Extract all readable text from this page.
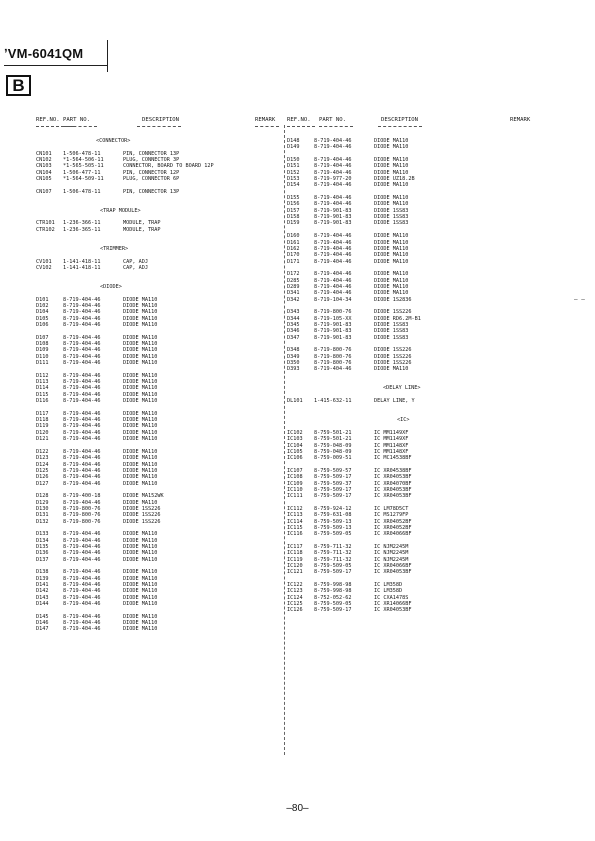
ʼVM-6041QM
B
REF.NO. PART NO.	DESCRIPTION	REMARK REF.NO. PART NO.	DESCRIPTION	REMARK
<CONNECTOR>
CN101 1-506-478-11	PIN, CONNECTOR 13P
CN102 *1-564-506-11	PLUG, CONNECTOR 3P
CN103 *1-565-505-11	CONNECTOR, BOARD TO BOARD 12P
CN104 1-506-477-11	PIN, CONNECTOR 12P
CN105 *1-564-509-11	PLUG, CONNECTOR 6P
CN107 1-506-478-11	PIN, CONNECTOR 13P
<TRAP MODULE>
CTR101 1-236-366-11	MODULE, TRAP
CTR102 1-236-365-11	MODULE, TRAP
<TRIMMER>
CV101 1-141-418-11	CAP, ADJ
CV102 1-141-418-11	CAP, ADJ
<DIODE>
D101	8-719-404-46	DIODE MA110
D102	8-719-404-46	DIODE MA110
D104	8-719-404-46	DIODE MA110
D105	8-719-404-46	DIODE MA110
D106	8-719-404-46	DIODE MA110
D107	8-719-404-46	DIODE MA110
D108	8-719-404-46	DIODE MA110
D109	8-719-404-46	DIODE MA110
D110	8-719-404-46	DIODE MA110
D111	8-719-404-46	DIODE MA110
D112	8-719-404-46	DIODE MA110
D113	8-719-404-46	DIODE MA110
D114	8-719-404-46	DIODE MA110
D115	8-719-404-46	DIODE MA110
D116	8-719-404-46	DIODE MA110
D117	8-719-404-46	DIODE MA110
D118	8-719-404-46	DIODE MA110
D119	8-719-404-46	DIODE MA110
D120	8-719-404-46	DIODE MA110
D121	8-719-404-46	DIODE MA110
D122	8-719-404-46	DIODE MA110
D123	8-719-404-46	DIODE MA110
D124	8-719-404-46	DIODE MA110
D125	8-719-404-46	DIODE MA110
D126	8-719-404-46	DIODE MA110
D127	8-719-404-46	DIODE MA110
D128	8-719-400-18	DIODE MA152WK
D129	8-719-404-46	DIODE MA110
D130	8-719-800-76	DIODE 1SS226
D131	8-719-800-76	DIODE 1SS226
D132	8-719-800-76	DIODE 1SS226
D133	8-719-404-46	DIODE MA110
D134	8-719-404-46	DIODE MA110
D135	8-719-404-46	DIODE MA110
D136	8-719-404-46	DIODE MA110
D137	8-719-404-46	DIODE MA110
D138	8-719-404-46	DIODE MA110
D139	8-719-404-46	DIODE MA110
D141	8-719-404-46	DIODE MA110
D142	8-719-404-46	DIODE MA110
D143	8-719-404-46	DIODE MA110
D144	8-719-404-46	DIODE MA110
D145	8-719-404-46	DIODE MA110
D146	8-719-404-46	DIODE MA110
D147	8-719-404-46	DIODE MA110
D148	8-719-404-46	DIODE MA110
D149	8-719-404-46	DIODE MA110
D150	8-719-404-46	DIODE MA110
D151	8-719-404-46	DIODE MA110
D152	8-719-404-46	DIODE MA110
D153	8-719-977-20	DIODE UZ18.2B
D154	8-719-404-46	DIODE MA110
D155	8-719-404-46	DIODE MA110
D156	8-719-404-46	DIODE MA110
D157	8-719-901-83	DIODE 1SS83
D158	8-719-901-83	DIODE 1SS83
D159	8-719-901-83	DIODE 1SS83
D160	8-719-404-46	DIODE MA110
D161	8-719-404-46	DIODE MA110
D162	8-719-404-46	DIODE MA110
D170	8-719-404-46	DIODE MA110
D171	8-719-404-46	DIODE MA110
D172	8-719-404-46	DIODE MA110
D285	8-719-404-46	DIODE MA110
D289	8-719-404-46	DIODE MA110
D341	8-719-404-46	DIODE MA110
D342	8-719-104-34	DIODE 1S2836
D343	8-719-800-76	DIODE 1SS226
D344	8-719-105-XX	DIODE RD6.2M-B1
D345	8-719-901-83	DIODE 1SS83
D346	8-719-901-83	DIODE 1SS83
D347	8-719-901-83	DIODE 1SS83
D348	8-719-800-76	DIODE 1SS226
D349	8-719-800-76	DIODE 1SS226
D350	8-719-800-76	DIODE 1SS226
D393	8-719-404-46	DIODE MA110
<DELAY LINE>
DL101 1-415-632-11	DELAY LINE, Y
<IC>
IC102 8-759-501-21	IC MM1149XF
IC103 8-759-501-21	IC MM1149XF
IC104 8-759-048-09	IC MM1148XF
IC105 8-759-048-09	IC MM1148XF
IC106 8-759-009-51	IC MC14538BF
IC107 8-759-509-57	IC XR04538BF
IC108 8-759-509-17	IC XR04053BF
IC109 8-759-509-37	IC XR04070BF
IC110 8-759-509-17	IC XR04053BF
IC111 8-759-509-17	IC XR04053BF
IC112 8-759-924-12	IC LM78D5CT
IC113 8-759-631-08	IC MS1279FP
IC114 8-759-509-13	IC XR04052BF
IC115 8-759-509-13	IC XR04052BF
IC116 8-759-509-05	IC XR04066BF
IC117 8-759-711-32	IC NJM2245M
IC118 8-759-711-32	IC NJM2245M
IC119 8-759-711-32	IC NJM2245M
IC120 8-759-509-05	IC XR04066BF
IC121 8-759-509-17	IC XR04053BF
IC122 8-759-998-98	IC LM358D
IC123 8-759-998-98	IC LM358D
IC124 8-752-052-62	IC CXA1478S
IC125 8-759-509-05	IC XR14066BF
IC126 8-759-509-17	IC XR04053BF
– –
–80–
